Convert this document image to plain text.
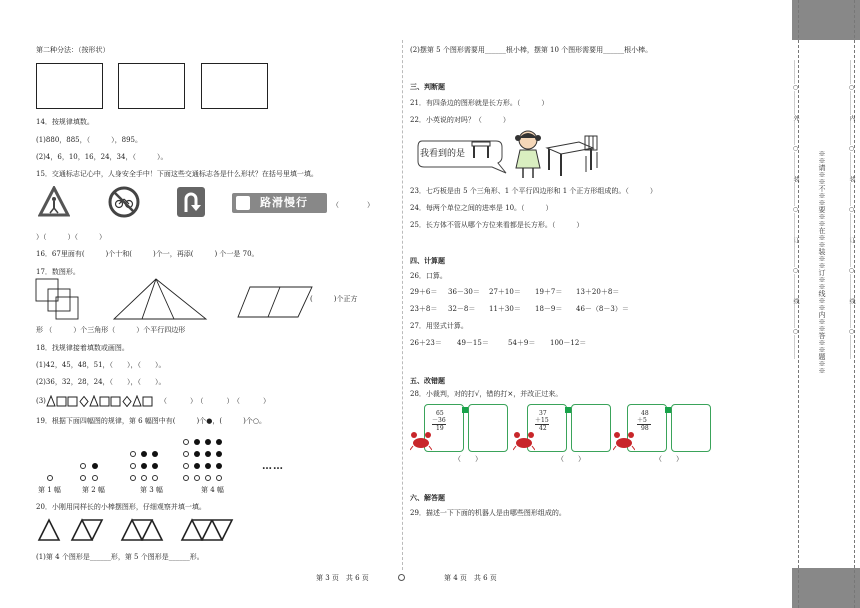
第二种分法：（按形状）
14．按规律填数。
(1)880，885，（　　　），895。
(2)4，6，10，16，24，34，（　　　）。
15．交通标志记心中，人身安全手中！下面这些交通标志各是什么形状？在括号里填一填。
路滑慢行	（　　　　）
）（　　　）（　　　）
16．67里面有(　　　)个十和(　　　)个一，再添(　　　) 个一是 70。
17．数图形。
(　　　)个正方
形 （　　　）个三角形（　　　）个平行四边形
18．找规律接着填数或画图。
(1)42，45，48，51，（　　），（　　）。
(2)36，32，28，24，（　　），（　　）。
(3)	（　　）（　　）（　　）
19．根据下面四幅图的规律，第 6 幅图中有(　　　)个●，(　　　)个○。
第 1 幅	第 2 幅	第 3 幅	第 4 幅
……
20．小刚用同样长的小棒摆图形，仔细观察并填一填。
(1)第 4 个图形是______形，第 5 个图形是______形。
(2)摆第 5 个图形需要用______根小棒，摆第 10 个图形需要用______根小棒。
三、判断题
21．有四条边的图形就是长方形。（　　　）
22．小英说的对吗？（　　　）
我看到的是
23．七巧板是由 5 个三角形、1 个平行四边形和 1 个正方形组成的。（　　　）
24．每两个单位之间的进率是 10。（　　　）
25．长方体不管从哪个方位来看都是长方形。（　　　）
四、计算题
26．口算。
29＋6＝ 36－30＝ 27＋10＝ 19＋7＝ 13＋20＋8＝
23＋8＝ 32－8＝ 11＋30＝ 18－9＝ 46－（8－3）＝
27．用竖式计算。
26＋23＝ 49－15＝	54＋9＝ 100－12＝
五、改错题
28．小裁判，对的打√，错的打×，并改正过来。
65
－36
19
（　　）
37
＋15
42
（　　）
48
＋5
98
（　　）
六、解答题
29．描述一下下面的机器人是由哪些图形组成的。
第 3 页　共 6 页	第 4 页　共 6 页
…………○…………外…………○…………装…………○…………订…………○…………线…………○…………	※※请※※不※※要※※在※※装※※订※※线※※内※※答※※题※※	…………○…………内…………○…………装…………○…………订…………○…………线…………○…………
